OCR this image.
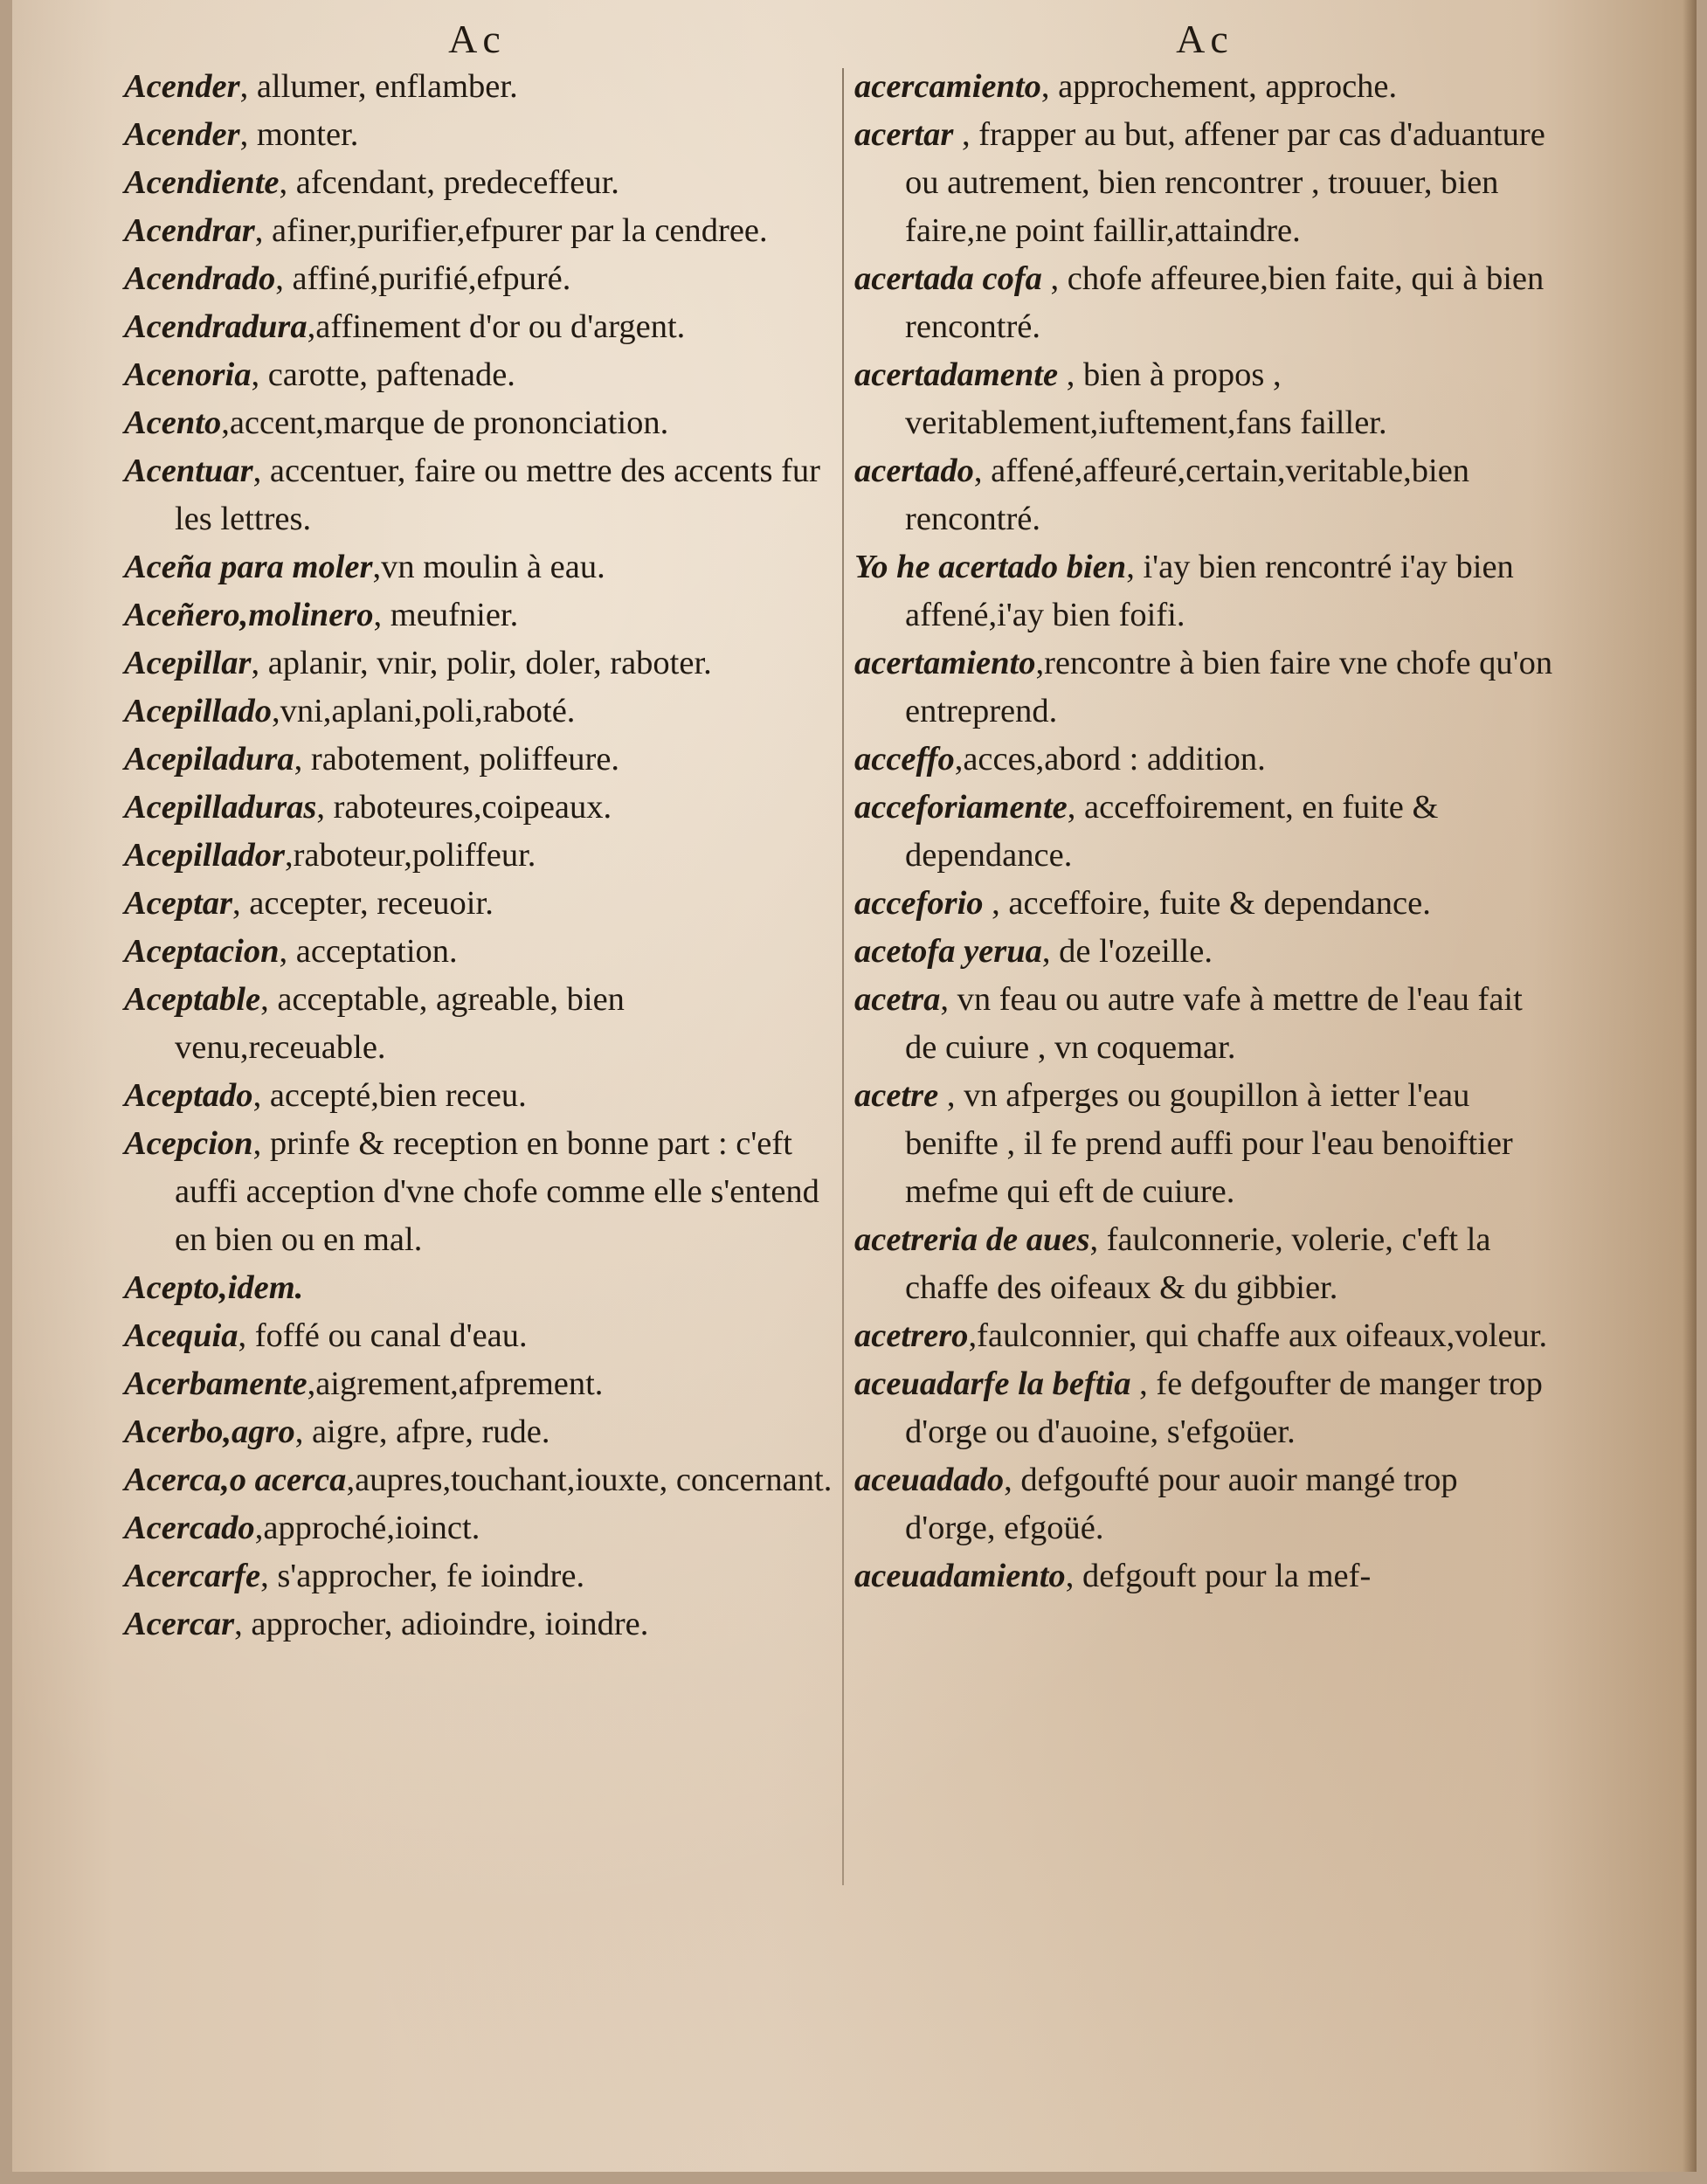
Ac	Ac
Acender, allumer, enflamber.
Acender, monter.
Acendiente, afcendant, predeceffeur.
Acendrar, afiner,purifier,efpurer par la cendree.
Acendrado, affiné,purifié,efpuré.
Acendradura,affinement d'or ou d'argent.
Acenoria, carotte, paftenade.
Acento,accent,marque de prononciation.
Acentuar, accentuer, faire ou mettre des accents fur les lettres.
Aceña para moler,vn moulin à eau.
Aceñero,molinero, meufnier.
Acepillar, aplanir, vnir, polir, doler, raboter.
Acepillado,vni,aplani,poli,raboté.
Acepiladura, rabotement, poliffeure.
Acepilladuras, raboteures,coipeaux.
Acepillador,raboteur,poliffeur.
Aceptar, accepter, receuoir.
Aceptacion, acceptation.
Aceptable, acceptable, agreable, bien venu,receuable.
Aceptado, accepté,bien receu.
Acepcion, prinfe & reception en bonne part : c'eft auffi acception d'vne chofe comme elle s'entend en bien ou en mal.
Acepto,idem.
Acequia, foffé ou canal d'eau.
Acerbamente,aigrement,afprement.
Acerbo,agro, aigre, afpre, rude.
Acerca,o acerca,aupres,touchant,iouxte, concernant.
Acercado,approché,ioinct.
Acercarfe, s'approcher, fe ioindre.
Acercar, approcher, adioindre, ioindre.
acercamiento, approchement, approche.
acertar , frapper au but, affener par cas d'aduanture ou autrement, bien rencontrer , trouuer, bien faire,ne point faillir,attaindre.
acertada cofa , chofe affeuree,bien faite, qui à bien rencontré.
acertadamente , bien à propos , veritablement,iuftement,fans failler.
acertado, affené,affeuré,certain,veritable,bien rencontré.
Yo he acertado bien, i'ay bien rencontré i'ay bien affené,i'ay bien foifi.
acertamiento,rencontre à bien faire vne chofe qu'on entreprend.
acceffo,acces,abord : addition.
acceforiamente, acceffoirement, en fuite & dependance.
acceforio , acceffoire, fuite & dependance.
acetofa yerua, de l'ozeille.
acetra, vn feau ou autre vafe à mettre de l'eau fait de cuiure , vn coquemar.
acetre , vn afperges ou goupillon à ietter l'eau benifte , il fe prend auffi pour l'eau benoiftier mefme qui eft de cuiure.
acetreria de aues, faulconnerie, volerie, c'eft la chaffe des oifeaux & du gibbier.
acetrero,faulconnier, qui chaffe aux oifeaux,voleur.
aceuadarfe la beftia , fe defgoufter de manger trop d'orge ou d'auoine, s'efgoüer.
aceuadado, defgoufté pour auoir mangé trop d'orge, efgoüé.
aceuadamiento, defgouft pour la mef-
